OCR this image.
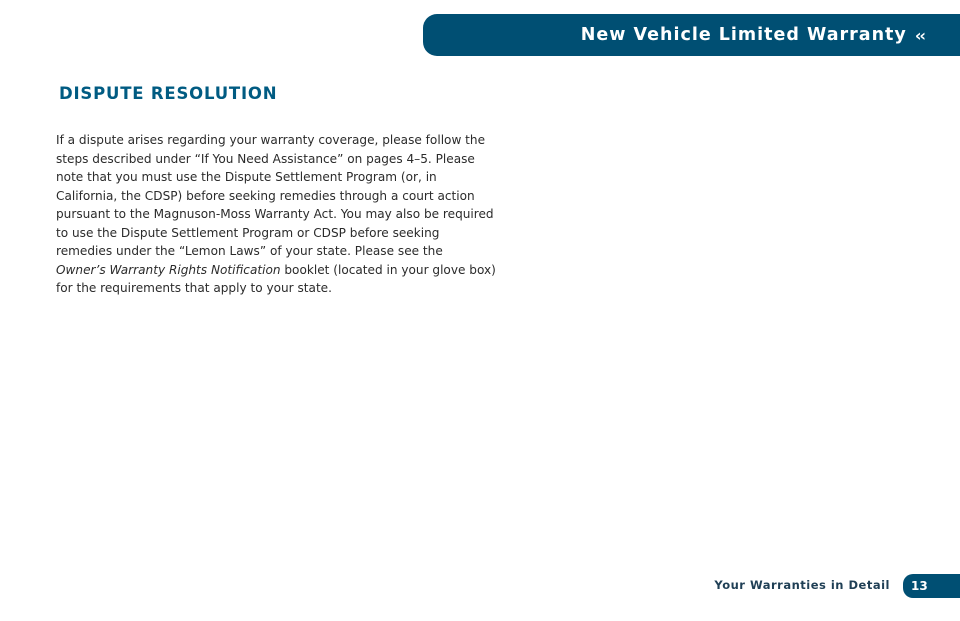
New Vehicle Limited Warranty ‹‹
DISPUTE RESOLUTION

If a dispute arises regarding your warranty coverage, please follow the steps described under “If You Need Assistance” on pages 4–5. Please note that you must use the Dispute Settlement Program (or, in California, the CDSP) before seeking remedies through a court action pursuant to the Magnuson-Moss Warranty Act. You may also be required to use the Dispute Settlement Program or CDSP before seeking remedies under the “Lemon Laws” of your state. Please see the Owner’s Warranty Rights Notification booklet (located in your glove box) for the requirements that apply to your state.

Your Warranties in Detail 13
